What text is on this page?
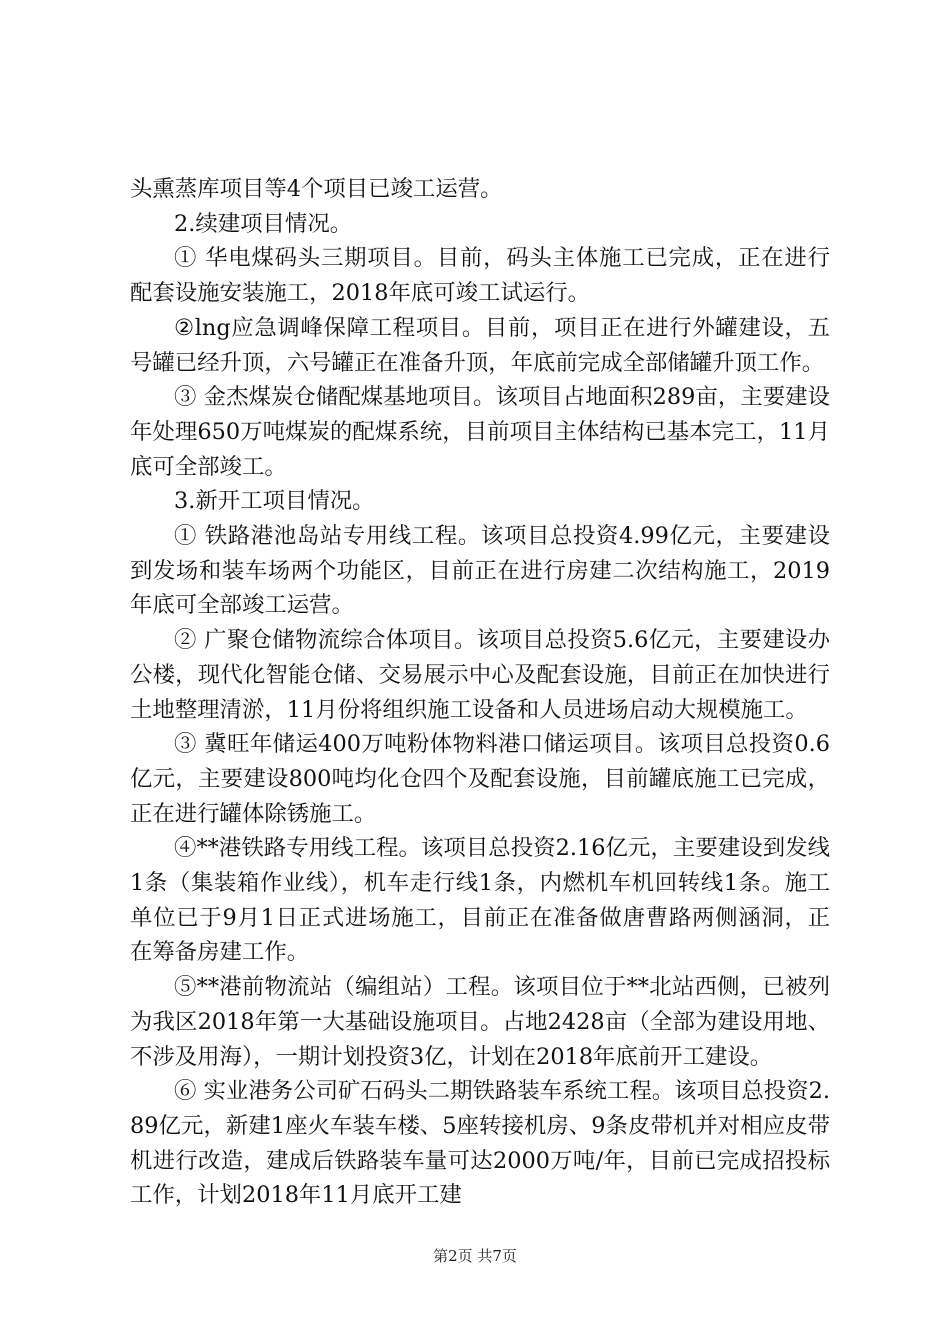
头熏蒸库项目等4个项目已竣工运营。

2.续建项目情况。

① 华电煤码头三期项目。目前，码头主体施工已完成，正在进行配套设施安装施工，2018年底可竣工试运行。

②lng应急调峰保障工程项目。目前，项目正在进行外罐建设，五号罐已经升顶，六号罐正在准备升顶，年底前完成全部储罐升顶工作。

③ 金杰煤炭仓储配煤基地项目。该项目占地面积289亩，主要建设年处理650万吨煤炭的配煤系统，目前项目主体结构已基本完工，11月底可全部竣工。

3.新开工项目情况。

① 铁路港池岛站专用线工程。该项目总投资4.99亿元，主要建设到发场和装车场两个功能区，目前正在进行房建二次结构施工，2019年底可全部竣工运营。

② 广聚仓储物流综合体项目。该项目总投资5.6亿元，主要建设办公楼，现代化智能仓储、交易展示中心及配套设施，目前正在加快进行土地整理清淤，11月份将组织施工设备和人员进场启动大规模施工。

③ 冀旺年储运400万吨粉体物料港口储运项目。该项目总投资0.6亿元，主要建设800吨均化仓四个及配套设施，目前罐底施工已完成，正在进行罐体除锈施工。

④**港铁路专用线工程。该项目总投资2.16亿元，主要建设到发线1条（集装箱作业线），机车走行线1条，内燃机车机回转线1条。施工单位已于9月1日正式进场施工，目前正在准备做唐曹路两侧涵洞，正在筹备房建工作。

⑤**港前物流站（编组站）工程。该项目位于**北站西侧，已被列为我区2018年第一大基础设施项目。占地2428亩（全部为建设用地、不涉及用海），一期计划投资3亿，计划在2018年底前开工建设。

⑥ 实业港务公司矿石码头二期铁路装车系统工程。该项目总投资2.89亿元，新建1座火车装车楼、5座转接机房、9条皮带机并对相应皮带机进行改造，建成后铁路装车量可达2000万吨/年，目前已完成招投标工作，计划2018年11月底开工建

第2页 共7页
